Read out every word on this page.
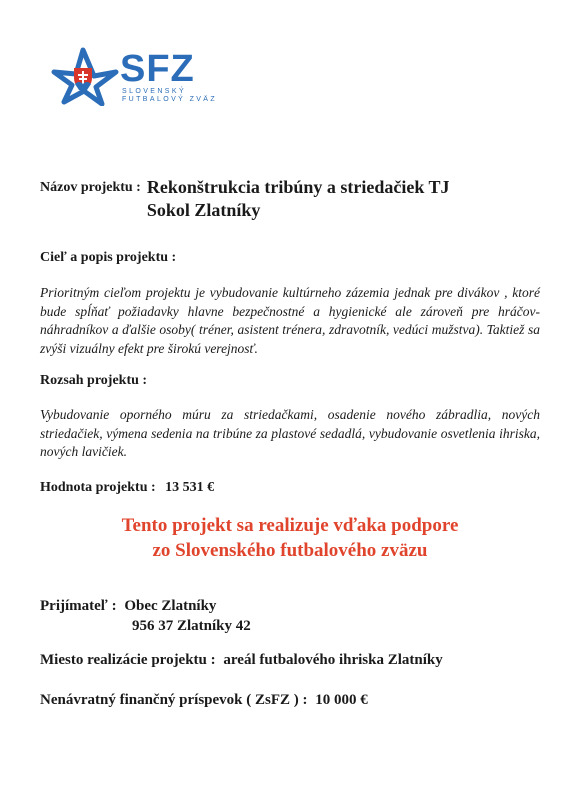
SFZ
SLOVENSKÝ
FUTBALOVÝ ZVÄZ
Názov projektu : Rekonštrukcia tribúny a striedačiek TJ
Sokol Zlatníky
Cieľ a popis projektu :
Prioritným cieľom projektu je vybudovanie kultúrneho zázemia jednak pre divákov , ktoré bude spĺňať požiadavky hlavne bezpečnostné a hygienické ale zároveň pre hráčov-náhradníkov a ďalšie osoby( tréner, asistent trénera, zdravotník, vedúci mužstva). Taktiež sa zvýši vizuálny efekt pre širokú verejnosť.
Rozsah projektu :
Vybudovanie oporného múru za striedačkami, osadenie nového zábradlia, nových striedačiek, výmena sedenia na tribúne za plastové sedadlá, vybudovanie osvetlenia ihriska, nových lavičiek.
Hodnota projektu : 13 531 €
Tento projekt sa realizuje vďaka podpore
zo Slovenského futbalového zväzu
Prijímateľ : Obec Zlatníky
956 37 Zlatníky 42
Miesto realizácie projektu : areál futbalového ihriska Zlatníky
Nenávratný finančný príspevok ( ZsFZ ) : 10 000 €
